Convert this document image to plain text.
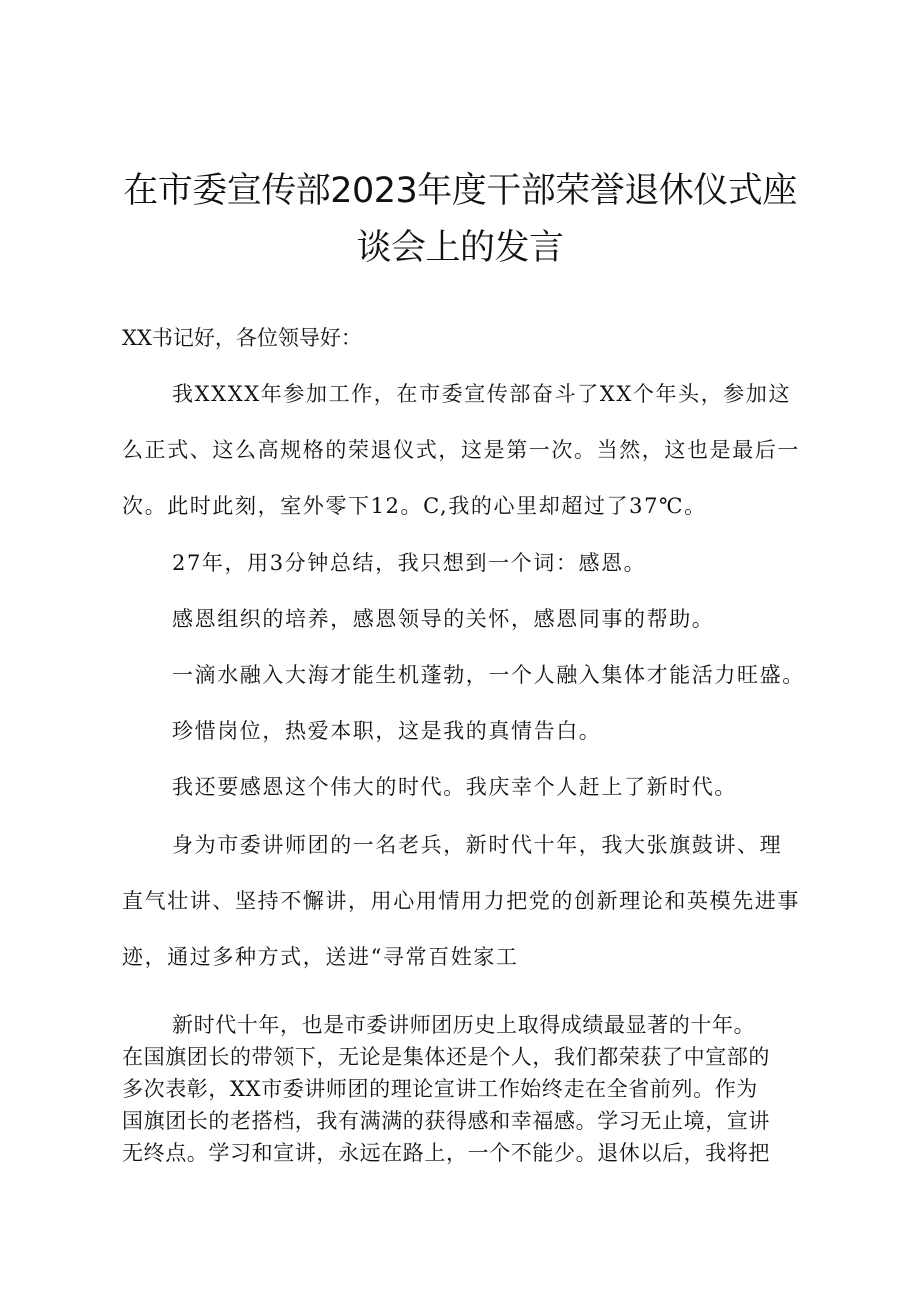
在市委宣传部2023年度干部荣誉退休仪式座
谈会上的发言
XX书记好，各位领导好：
我XXXX年参加工作，在市委宣传部奋斗了XX个年头，参加这
么正式、这么高规格的荣退仪式，这是第一次。当然，这也是最后一
次。此时此刻，室外零下12。C,我的心里却超过了37℃。
27年，用3分钟总结，我只想到一个词：感恩。
感恩组织的培养，感恩领导的关怀，感恩同事的帮助。
一滴水融入大海才能生机蓬勃，一个人融入集体才能活力旺盛。
珍惜岗位，热爱本职，这是我的真情告白。
我还要感恩这个伟大的时代。我庆幸个人赶上了新时代。
身为市委讲师团的一名老兵，新时代十年，我大张旗鼓讲、理
直气壮讲、坚持不懈讲，用心用情用力把党的创新理论和英模先进事
迹，通过多种方式，送进“寻常百姓家工
新时代十年，也是市委讲师团历史上取得成绩最显著的十年。
在国旗团长的带领下，无论是集体还是个人，我们都荣获了中宣部的
多次表彰，XX市委讲师团的理论宣讲工作始终走在全省前列。作为
国旗团长的老搭档，我有满满的获得感和幸福感。学习无止境，宣讲
无终点。学习和宣讲，永远在路上，一个不能少。退休以后，我将把
